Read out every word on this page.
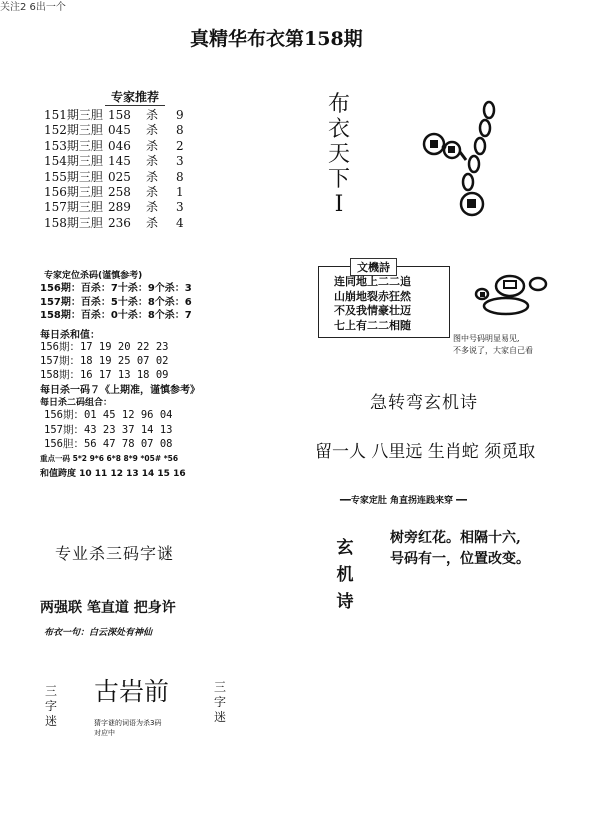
关注2 6出一个
真精华布衣第158期
专家推荐
151期三胆 158 杀 9
152期三胆 045 杀 8
153期三胆 046 杀 2
154期三胆 145 杀 3
155期三胆 025 杀 8
156期三胆 258 杀 1
157期三胆 289 杀 3
158期三胆 236 杀 4
专家定位杀码(谨慎参考)
156期：百杀：7十杀：9个杀：3
157期：百杀：5十杀：8个杀：6
158期：百杀：0十杀：8个杀：7
每日杀和值：
156期：17 19 20 22 23
157期：18 19 25 07 02
158期：16 17 13 18 09
每日杀一码７《上期准，谨慎参考》
每日杀二码组合：
156期：01 45 12 96 04
157期：43 23 37 14 13
156胆：56 47 78 07 08
重点一码 5*2 9*6 6*8 8*9 *05# *56
和值跨度 10 11 12 13 14 15 16
布
衣
天
下
I
文機詩
连同地上二二追
山崩地裂赤狂然
不及我情豪壮迈
七上有二二相随
图中号码明显易见,
不多说了，大家自己看
急转弯玄机诗
留一人 八里远 生肖蛇 须觅取
━━专家定肚 角直拐连践来穿 ━━
玄
机
诗
树旁红花。相隔十六,
号码有一，位置改变。
专业杀三码字谜
两强联 笔直道 把身许
布衣一句：白云深处有神仙
三
字
迷
古岩前	三
字
迷
猜字谜的词语为杀3码
对应中
